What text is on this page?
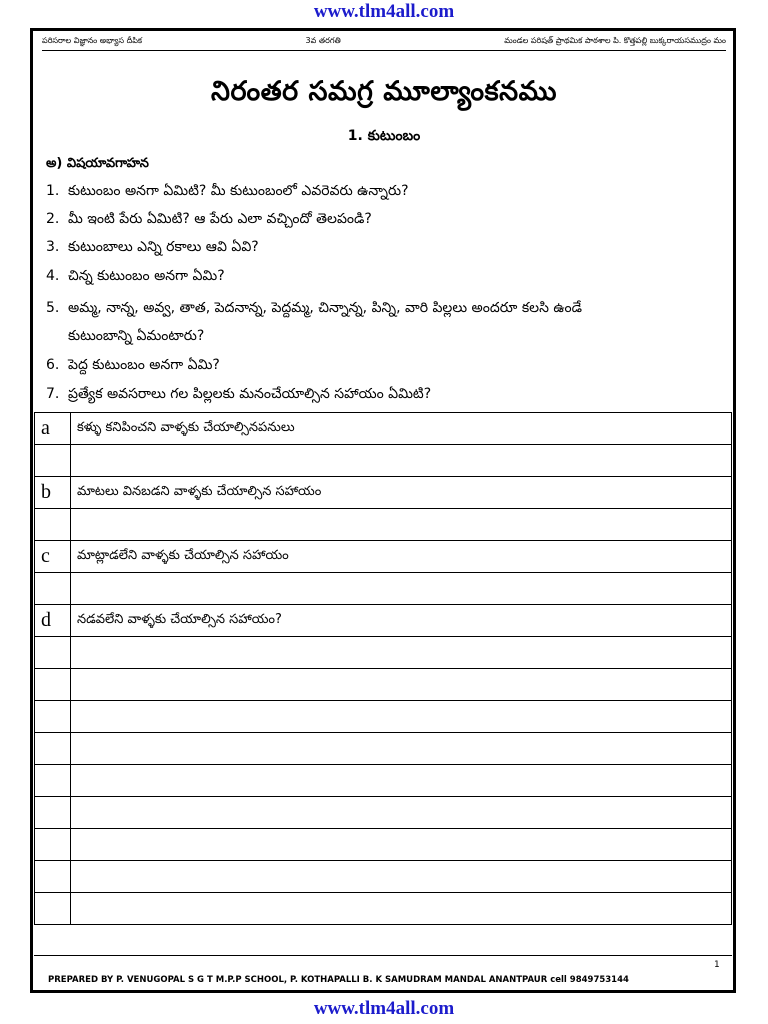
www.tlm4all.com
పరిసరాల విజ్ఞానం అభ్యాస దీపిక	3వ తరగతి	మండల పరిషత్ ప్రాథమిక పాఠశాల పి. కొత్తపల్లి బుక్కరాయసముద్రం మం
నిరంతర సమగ్ర మూల్యాంకనము
1. కుటుంబం
అ) విషయావగాహన
1. కుటుంబం అనగా ఏమిటి? మీ కుటుంబంలో ఎవరెవరు ఉన్నారు?
2. మీ ఇంటి పేరు ఏమిటి? ఆ పేరు ఎలా వచ్చిందో తెలపండి?
3. కుటుంబాలు ఎన్ని రకాలు ఆవి ఏవి?
4. చిన్న కుటుంబం అనగా ఏమి?
5. అమ్మ, నాన్న, అవ్వ, తాత, పెదనాన్న, పెద్దమ్మ, చిన్నాన్న, పిన్ని, వారి పిల్లలు అందరూ కలసి ఉండే
కుటుంబాన్ని ఏమంటారు?
6. పెద్ద కుటుంబం అనగా ఏమి?
7. ప్రత్యేక అవసరాలు గల పిల్లలకు మనంచేయాల్సిన సహాయం ఏమిటి?
a	కళ్ళు కనిపించని వాళ్ళకు చేయాల్సినపనులు

b	మాటలు వినబడని వాళ్ళకు చేయాల్సిన సహాయం

c	మాట్లాడలేని వాళ్ళకు చేయాల్సిన సహాయం

d	నడవలేని వాళ్ళకు చేయాల్సిన సహాయం?

1
PREPARED BY P. VENUGOPAL S G T M.P.P SCHOOL, P. KOTHAPALLI B. K SAMUDRAM MANDAL ANANTPAUR cell 9849753144
www.tlm4all.com
